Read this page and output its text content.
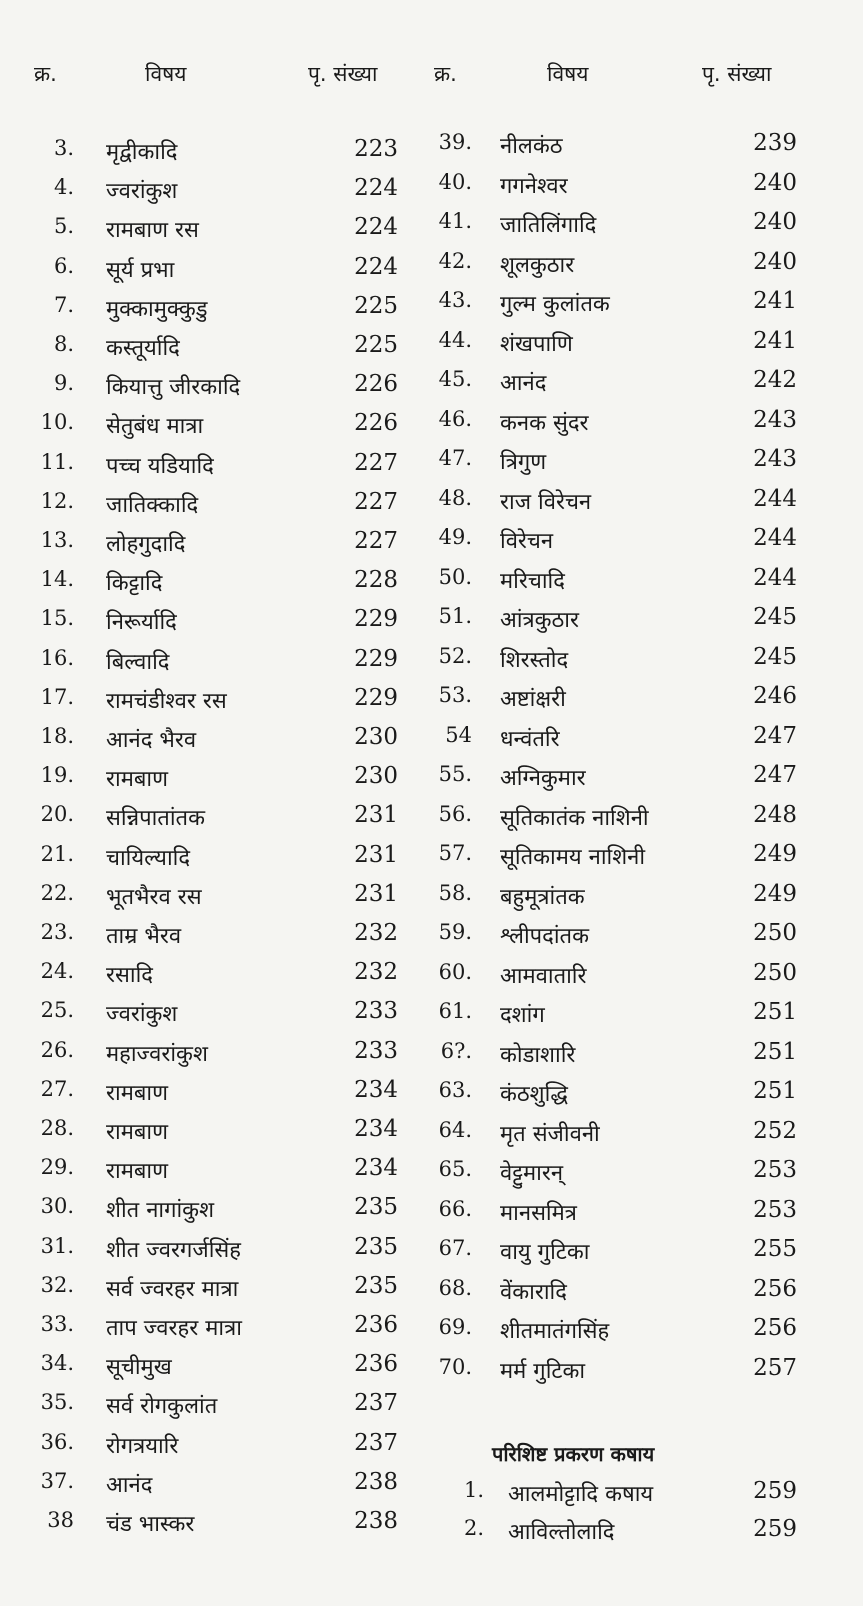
क्र.	विषय	पृ. संख्या
3. मृद्वीकादि	223
4. ज्वरांकुश	224
5. रामबाण रस	224
6. सूर्य प्रभा	224
7. मुक्कामुक्कुडु	225
8. कस्तूर्यादि	225
9. कियात्तु जीरकादि	226
10. सेतुबंध मात्रा	226
11. पच्च यडियादि	227
12. जातिक्कादि	227
13. लोहगुदादि	227
14. किट्टादि	228
15. निरूर्यादि	229
16. बिल्वादि	229
17. रामचंडीश्वर रस	229
18. आनंद भैरव	230
19. रामबाण	230
20. सन्निपातांतक	231
21. चायिल्यादि	231
22. भूतभैरव रस	231
23. ताम्र भैरव	232
24. रसादि	232
25. ज्वरांकुश	233
26. महाज्वरांकुश	233
27. रामबाण	234
28. रामबाण	234
29. रामबाण	234
30. शीत नागांकुश	235
31. शीत ज्वरगर्जसिंह	235
32. सर्व ज्वरहर मात्रा	235
33. ताप ज्वरहर मात्रा	236
34. सूचीमुख	236
35. सर्व रोगकुलांत	237
36. रोगत्रयारि	237
37. आनंद	238
38 चंड भास्कर	238
क्र.	विषय	पृ. संख्या
39. नीलकंठ	239
40. गगनेश्वर	240
41. जातिलिंगादि	240
42. शूलकुठार	240
43. गुल्म कुलांतक	241
44. शंखपाणि	241
45. आनंद	242
46. कनक सुंदर	243
47. त्रिगुण	243
48. राज विरेचन	244
49. विरेचन	244
50. मरिचादि	244
51. आंत्रकुठार	245
52. शिरस्तोद	245
53. अष्टांक्षरी	246
54 धन्वंतरि	247
55. अग्निकुमार	247
56. सूतिकातंक नाशिनी	248
57. सूतिकामय नाशिनी	249
58. बहुमूत्रांतक	249
59. श्लीपदांतक	250
60. आमवातारि	250
61. दशांग	251
6?. कोडाशारि	251
63. कंठशुद्धि	251
64. मृत संजीवनी	252
65. वेट्टुमारन्	253
66. मानसमित्र	253
67. वायु गुटिका	255
68. वेंकारादि	256
69. शीतमातंगसिंह	256
70. मर्म गुटिका	257
परिशिष्ट प्रकरण कषाय
1. आलमोट्टादि कषाय	259
2. आविल्तोलादि	259
